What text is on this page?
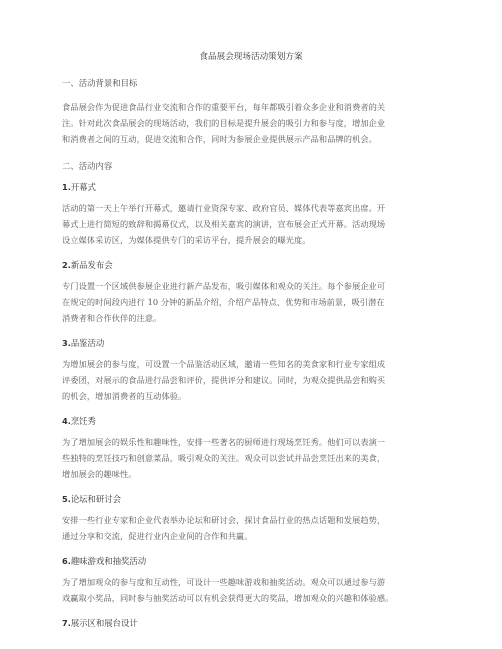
食品展会现场活动策划方案
一、活动背景和目标

食品展会作为促进食品行业交流和合作的重要平台，每年都吸引着众多企业和消费者的关
注。针对此次食品展会的现场活动，我们的目标是提升展会的吸引力和参与度，增加企业
和消费者之间的互动，促进交流和合作，同时为参展企业提供展示产品和品牌的机会。

二、活动内容
1.开幕式

活动的第一天上午举行开幕式，邀请行业资深专家、政府官员、媒体代表等嘉宾出席。开
幕式上进行简短的致辞和揭幕仪式，以及相关嘉宾的演讲，宣布展会正式开幕。活动现场
设立媒体采访区，为媒体提供专门的采访平台，提升展会的曝光度。

2.新品发布会

专门设置一个区域供参展企业进行新产品发布，吸引媒体和观众的关注。每个参展企业可
在规定的时间段内进行 10 分钟的新品介绍，介绍产品特点、优势和市场前景，吸引潜在
消费者和合作伙伴的注意。

3.品鉴活动

为增加展会的参与度，可设置一个品鉴活动区域，邀请一些知名的美食家和行业专家组成
评委团，对展示的食品进行品尝和评价，提供评分和建议。同时，为观众提供品尝和购买
的机会，增加消费者的互动体验。

4.烹饪秀

为了增加展会的娱乐性和趣味性，安排一些著名的厨师进行现场烹饪秀。他们可以表演一
些独特的烹饪技巧和创意菜品，吸引观众的关注。观众可以尝试并品尝烹饪出来的美食，
增加展会的趣味性。

5.论坛和研讨会

安排一些行业专家和企业代表举办论坛和研讨会，探讨食品行业的热点话题和发展趋势，
通过分享和交流，促进行业内企业间的合作和共赢。

6.趣味游戏和抽奖活动

为了增加观众的参与度和互动性，可设计一些趣味游戏和抽奖活动。观众可以通过参与游
戏赢取小奖品，同时参与抽奖活动可以有机会获得更大的奖品，增加观众的兴趣和体验感。

7.展示区和展台设计
